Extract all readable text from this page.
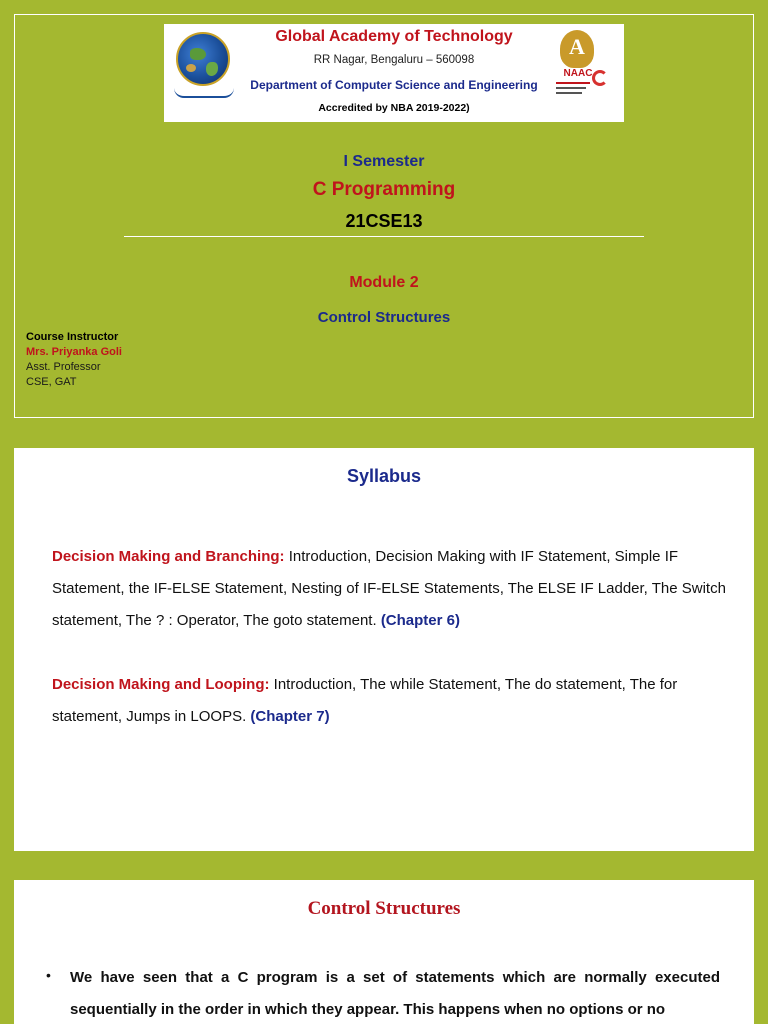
Global Academy of Technology
RR Nagar, Bengaluru – 560098
Department of Computer Science and Engineering
Accredited by NBA 2019-2022)
A
NAAC
I Semester
C Programming
21CSE13
Module 2
Control Structures
Course Instructor
Mrs. Priyanka Goli
Asst. Professor
CSE, GAT
Syllabus
Decision Making and Branching: Introduction, Decision Making with IF Statement, Simple IF Statement, the IF-ELSE Statement, Nesting of IF-ELSE Statements, The ELSE IF Ladder, The Switch statement, The ? : Operator, The goto statement. (Chapter 6)
Decision Making and Looping: Introduction, The while Statement, The do statement, The for statement, Jumps in LOOPS. (Chapter 7)
Control Structures
• We have seen that a C program is a set of statements which are normally executed sequentially in the order in which they appear. This happens when no options or no
